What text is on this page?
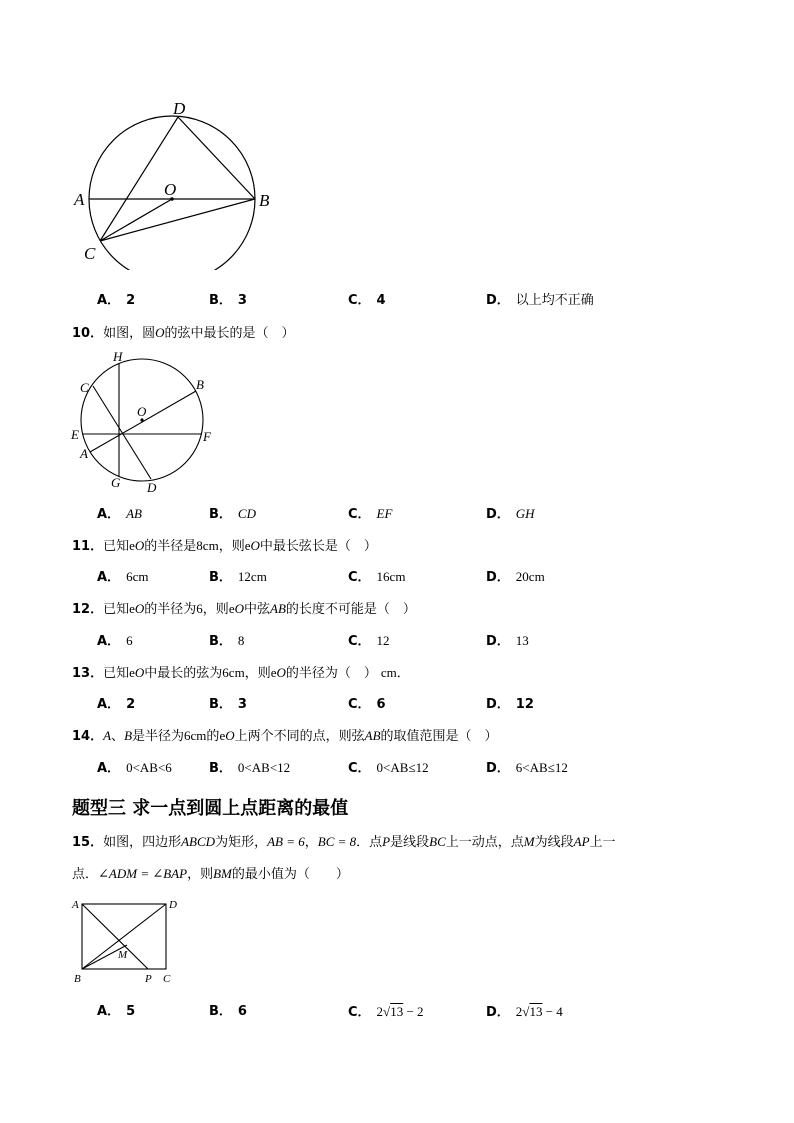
D
A
O
B
C
A． 2	B． 3	C． 4	D． 以上均不正确
10．如图，圆O的弦中最长的是（　）
H
C	B
O
E	F
A
G D
A． AB	B． CD	C． EF	D． GH
11．已知eO的半径是8cm，则eO中最长弦长是（　）
A． 6cm	B． 12cm	C． 16cm	D． 20cm
12．已知eO的半径为6，则eO中弦AB的长度不可能是（　）
A． 6	B． 8	C． 12	D． 13
13．已知eO中最长的弦为6cm，则eO的半径为（　） cm．
A． 2	B． 3	C． 6	D． 12
14．A、B是半径为6cm的eO上两个不同的点，则弦AB的取值范围是（　）
A． 0<AB<6	B． 0<AB<12	C． 0<AB≤12	D． 6<AB≤12
题型三 求一点到圆上点距离的最值
15．如图，四边形ABCD为矩形，AB = 6，BC = 8．点P是线段BC上一动点，点M为线段AP上一
点．∠ADM = ∠BAP，则BM的最小值为（　　）
A	D
M
B	P C
A． 5	B． 6	C． 2√13 − 2	D． 2√13 − 4
